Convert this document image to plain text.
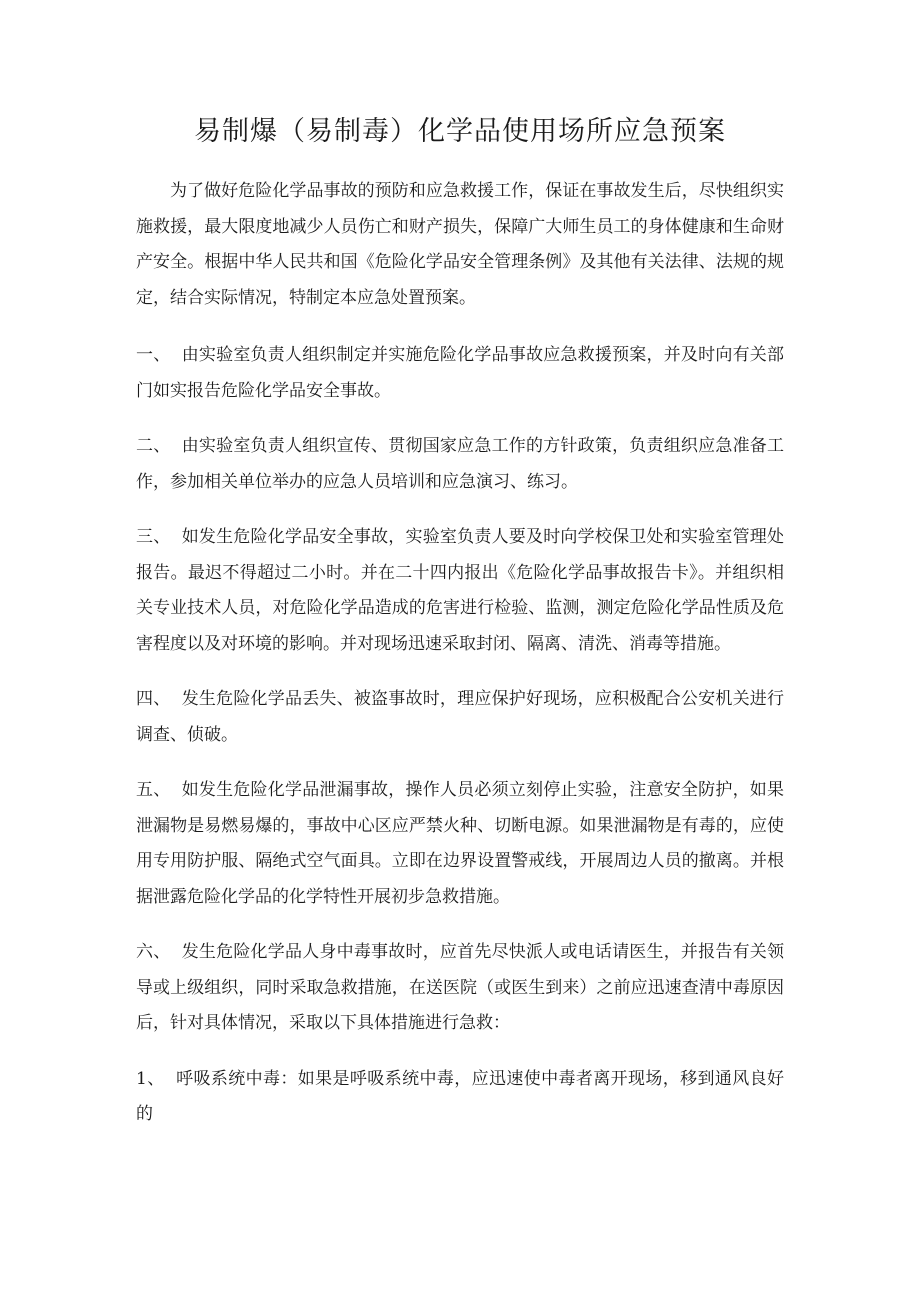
易制爆（易制毒）化学品使用场所应急预案

为了做好危险化学品事故的预防和应急救援工作，保证在事故发生后，尽快组织实施救援，最大限度地减少人员伤亡和财产损失，保障广大师生员工的身体健康和生命财产安全。根据中华人民共和国《危险化学品安全管理条例》及其他有关法律、法规的规定，结合实际情况，特制定本应急处置预案。

一、 由实验室负责人组织制定并实施危险化学品事故应急救援预案，并及时向有关部门如实报告危险化学品安全事故。

二、 由实验室负责人组织宣传、贯彻国家应急工作的方针政策，负责组织应急准备工作，参加相关单位举办的应急人员培训和应急演习、练习。

三、 如发生危险化学品安全事故，实验室负责人要及时向学校保卫处和实验室管理处报告。最迟不得超过二小时。并在二十四内报出《危险化学品事故报告卡》。并组织相关专业技术人员，对危险化学品造成的危害进行检验、监测，测定危险化学品性质及危害程度以及对环境的影响。并对现场迅速采取封闭、隔离、清洗、消毒等措施。

四、 发生危险化学品丢失、被盗事故时，理应保护好现场，应积极配合公安机关进行调查、侦破。

五、 如发生危险化学品泄漏事故，操作人员必须立刻停止实验，注意安全防护，如果泄漏物是易燃易爆的，事故中心区应严禁火种、切断电源。如果泄漏物是有毒的，应使用专用防护服、隔绝式空气面具。立即在边界设置警戒线，开展周边人员的撤离。并根据泄露危险化学品的化学特性开展初步急救措施。

六、 发生危险化学品人身中毒事故时，应首先尽快派人或电话请医生，并报告有关领导或上级组织，同时采取急救措施，在送医院（或医生到来）之前应迅速查清中毒原因后，针对具体情况，采取以下具体措施进行急救：

1、 呼吸系统中毒：如果是呼吸系统中毒，应迅速使中毒者离开现场，移到通风良好的
